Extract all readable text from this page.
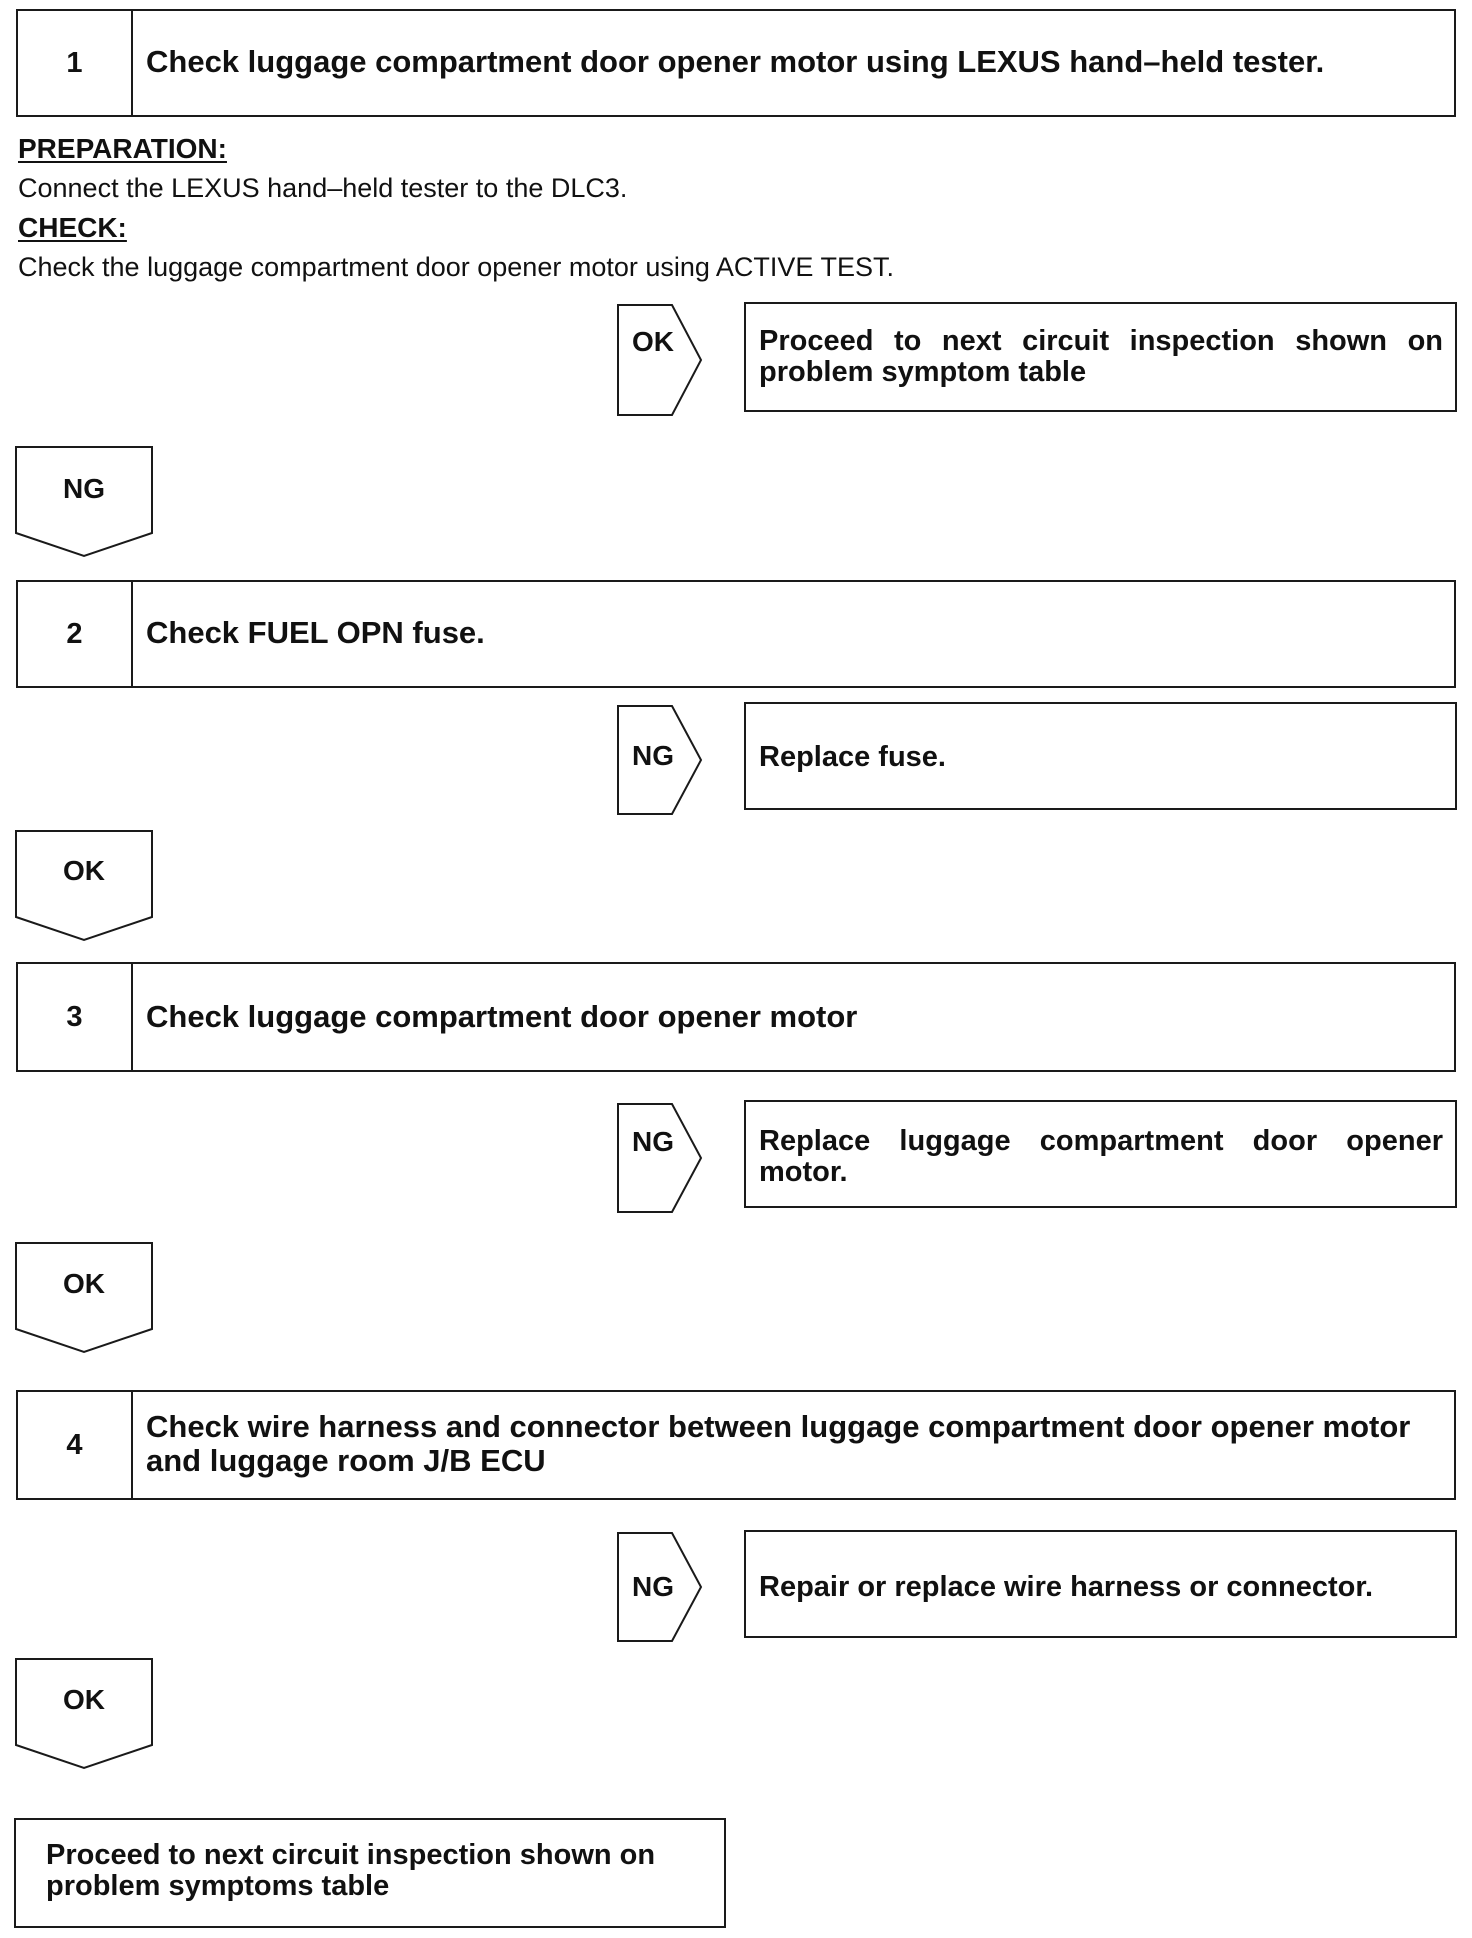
1	Check luggage compartment door opener motor using LEXUS hand–held tester.
PREPARATION:
Connect the LEXUS hand–held tester to the DLC3.
CHECK:
Check the luggage compartment door opener motor using ACTIVE TEST.
OK	Proceed to next circuit inspection shown on problem symptom table
NG
2	Check FUEL OPN fuse.
NG	Replace fuse.
OK
3	Check luggage compartment door opener motor
NG	Replace luggage compartment door opener motor.
OK
4
Check wire harness and connector between luggage compartment door opener motor and luggage room J/B ECU
NG	Repair or replace wire harness or connector.
OK
Proceed to next circuit inspection shown on problem symptoms table
